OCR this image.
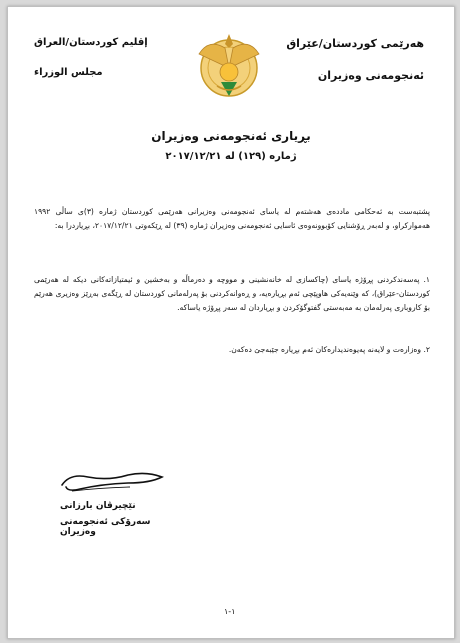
هەرێمی کوردستان/عێراق
ئەنجومەنی وەزیران
إقليم كوردستان/العراق
مجلس الوزراء
بڕیاری ئەنجومەنی وەزیران
ژمارە (١٢٩) لە ٢٠١٧/١٢/٢١

پشتبەست بە ئەحکامی ماددەی هەشتەم لە یاسای ئەنجومەنی وەزیرانی هەرێمی کوردستان ژمارە (٣)ی ساڵی ١٩٩٢ هەموارکراو، و لەبەر ڕۆشنایی کۆبوونەوەی ئاسایی ئەنجومەنی وەزیران ژمارە (٣٩) لە ڕێکەوتی ٢٠١٧/١٢/٢١، بڕیاردرا بە:

١. پەسەندکردنی پڕۆژە یاسای (چاکسازی لە خانەنشینی و مووچە و دەرماڵە و بەخشین و ئیمتیازاتەکانی دیکە لە هەرێمی کوردستان-عێراق)، کە وێنەیەکی هاوپێچی ئەم بڕیارەیە، و ڕەوانەکردنی بۆ پەرلەمانی کوردستان لە ڕێگەی بەڕێز وەزیری هەرێم بۆ کاروباری پەرلەمان بە مەبەستی گفتوگۆکردن و بڕیاردان لە سەر پڕۆژە یاساکە.

٢. وەزارەت و لایەنە پەیوەندیدارەکان ئەم بڕیارە جێبەجێ دەکەن.

نێچیرڤان بارزانی
سەرۆکی ئەنجومەنی وەزیران
١-١
